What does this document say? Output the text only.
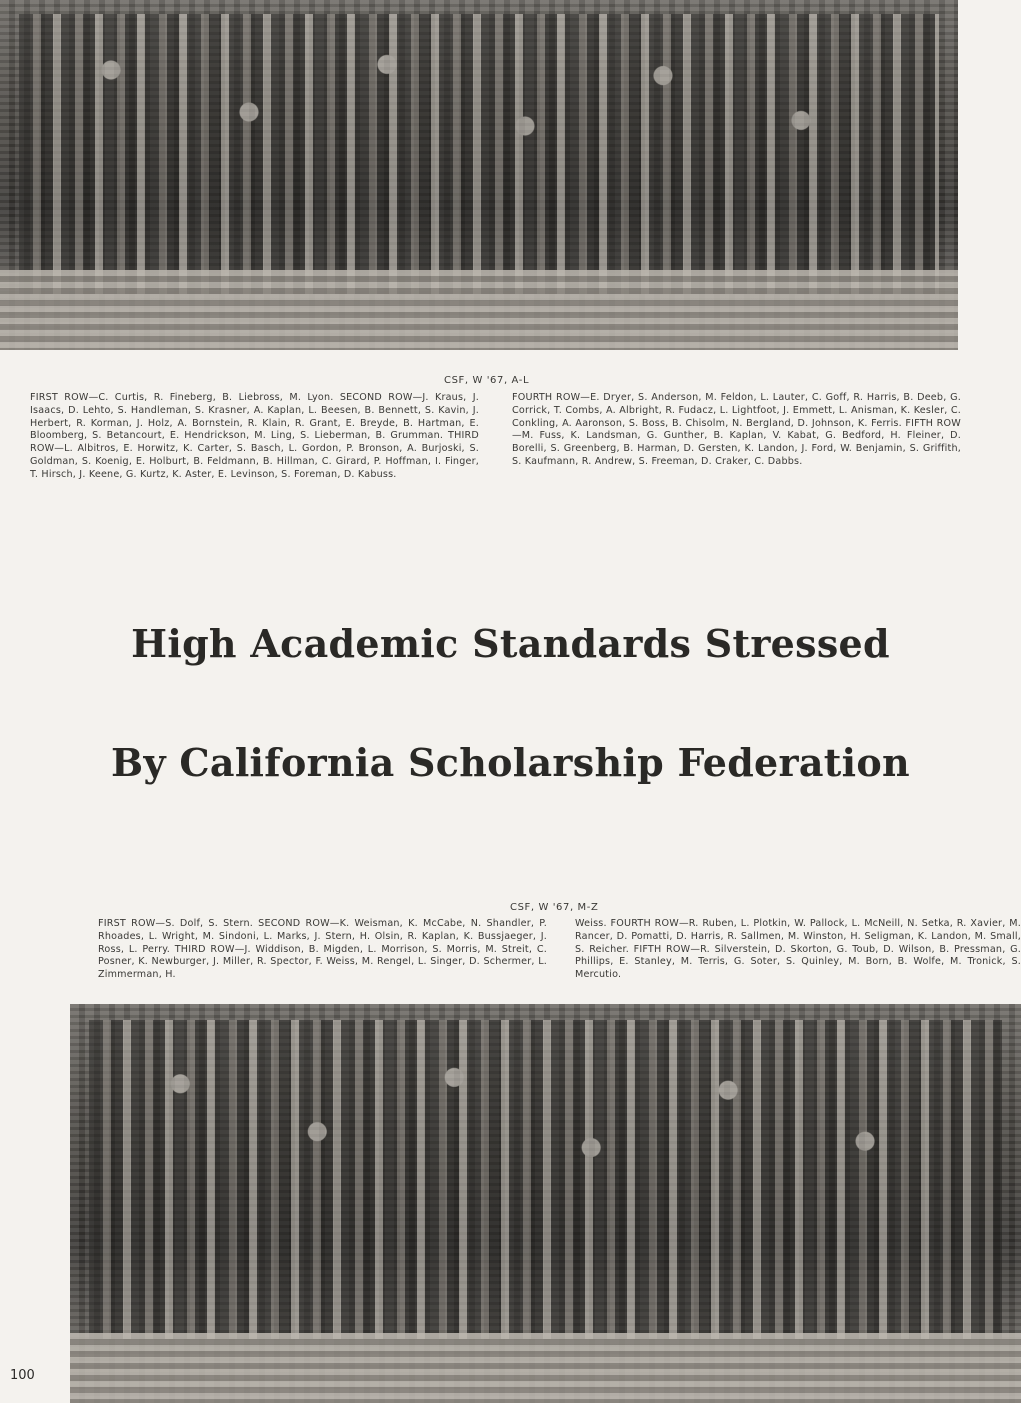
CSF, W '67, A-L
FIRST ROW—C. Curtis, R. Fineberg, B. Liebross, M. Lyon. SECOND ROW—J. Kraus, J. Isaacs, D. Lehto, S. Handleman, S. Krasner, A. Kaplan, L. Beesen, B. Bennett, S. Kavin, J. Herbert, R. Korman, J. Holz, A. Bornstein, R. Klain, R. Grant, E. Breyde, B. Hartman, E. Bloomberg, S. Betancourt, E. Hendrickson, M. Ling, S. Lieberman, B. Grumman. THIRD ROW—L. Albitros, E. Horwitz, K. Carter, S. Basch, L. Gordon, P. Bronson, A. Burjoski, S. Goldman, S. Koenig, E. Holburt, B. Feldmann, B. Hillman, C. Girard, P. Hoffman, I. Finger, T. Hirsch, J. Keene, G. Kurtz, K. Aster, E. Levinson, S. Foreman, D. Kabuss.
FOURTH ROW—E. Dryer, S. Anderson, M. Feldon, L. Lauter, C. Goff, R. Harris, B. Deeb, G. Corrick, T. Combs, A. Albright, R. Fudacz, L. Lightfoot, J. Emmett, L. Anisman, K. Kesler, C. Conkling, A. Aaronson, S. Boss, B. Chisolm, N. Bergland, D. Johnson, K. Ferris. FIFTH ROW—M. Fuss, K. Landsman, G. Gunther, B. Kaplan, V. Kabat, G. Bedford, H. Fleiner, D. Borelli, S. Greenberg, B. Harman, D. Gersten, K. Landon, J. Ford, W. Benjamin, S. Griffith, S. Kaufmann, R. Andrew, S. Freeman, D. Craker, C. Dabbs.
High Academic Standards Stressed
By California Scholarship Federation
CSF, W '67, M-Z
FIRST ROW—S. Dolf, S. Stern. SECOND ROW—K. Weisman, K. McCabe, N. Shandler, P. Rhoades, L. Wright, M. Sindoni, L. Marks, J. Stern, H. Olsin, R. Kaplan, K. Bussjaeger, J. Ross, L. Perry. THIRD ROW—J. Widdison, B. Migden, L. Morrison, S. Morris, M. Streit, C. Posner, K. Newburger, J. Miller, R. Spector, F. Weiss, M. Rengel, L. Singer, D. Schermer, L. Zimmerman, H.
Weiss. FOURTH ROW—R. Ruben, L. Plotkin, W. Pallock, L. McNeill, N. Setka, R. Xavier, M. Rancer, D. Pomatti, D. Harris, R. Sallmen, M. Winston, H. Seligman, K. Landon, M. Small, S. Reicher. FIFTH ROW—R. Silverstein, D. Skorton, G. Toub, D. Wilson, B. Pressman, G. Phillips, E. Stanley, M. Terris, G. Soter, S. Quinley, M. Born, B. Wolfe, M. Tronick, S. Mercutio.
100
